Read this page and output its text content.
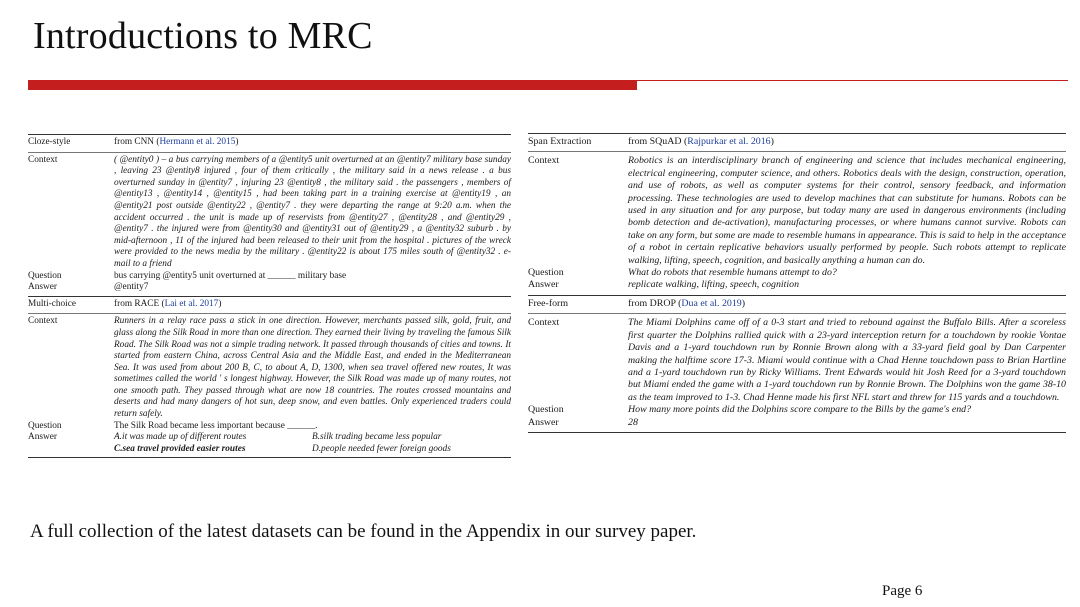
Introductions to MRC
Cloze-style	from CNN (Hermann et al. 2015)
Context	( @entity0 ) – a bus carrying members of a @entity5 unit overturned at an @entity7 military base sunday , leaving 23 @entity8 injured , four of them critically , the military said in a news release . a bus overturned sunday in @entity7 , injuring 23 @entity8 , the military said . the passengers , members of @entity13 , @entity14 , @entity15 , had been taking part in a training exercise at @entity19 , an @entity21 post outside @entity22 , @entity7 . they were departing the range at 9:20 a.m. when the accident occurred . the unit is made up of reservists from @entity27 , @entity28 , and @entity29 , @entity7 . the injured were from @entity30 and @entity31 out of @entity29 , a @entity32 suburb . by mid-afternoon , 11 of the injured had been released to their unit from the hospital . pictures of the wreck were provided to the news media by the military . @entity22 is about 175 miles south of @entity32 . e-mail to a friend
Question	bus carrying @entity5 unit overturned at ______ military base
Answer	@entity7
Multi-choice	from RACE (Lai et al. 2017)
Context	Runners in a relay race pass a stick in one direction. However, merchants passed silk, gold, fruit, and glass along the Silk Road in more than one direction. They earned their living by traveling the famous Silk Road. The Silk Road was not a simple trading network. It passed through thousands of cities and towns. It started from eastern China, across Central Asia and the Middle East, and ended in the Mediterranean Sea. It was used from about 200 B, C, to about A, D, 1300, when sea travel offered new routes, It was sometimes called the world ' s longest highway. However, the Silk Road was made up of many routes, not one smooth path. They passed through what are now 18 countries. The routes crossed mountains and deserts and had many dangers of hot sun, deep snow, and even battles. Only experienced traders could return safely.
Question	The Silk Road became less important because ______.
Answer	A.it was made up of different routes	B.silk trading became less popular
C.sea travel provided easier routes	D.people needed fewer foreign goods
Span Extraction	from SQuAD (Rajpurkar et al. 2016)
Context	Robotics is an interdisciplinary branch of engineering and science that includes mechanical engineering, electrical engineering, computer science, and others. Robotics deals with the design, construction, operation, and use of robots, as well as computer systems for their control, sensory feedback, and information processing. These technologies are used to develop machines that can substitute for humans. Robots can be used in any situation and for any purpose, but today many are used in dangerous environments (including bomb detection and de-activation), manufacturing processes, or where humans cannot survive. Robots can take on any form, but some are made to resemble humans in appearance. This is said to help in the acceptance of a robot in certain replicative behaviors usually performed by people. Such robots attempt to replicate walking, lifting, speech, cognition, and basically anything a human can do.
Question	What do robots that resemble humans attempt to do?
Answer	replicate walking, lifting, speech, cognition
Free-form	from DROP (Dua et al. 2019)
Context	The Miami Dolphins came off of a 0-3 start and tried to rebound against the Buffalo Bills. After a scoreless first quarter the Dolphins rallied quick with a 23-yard interception return for a touchdown by rookie Vontae Davis and a 1-yard touchdown run by Ronnie Brown along with a 33-yard field goal by Dan Carpenter making the halftime score 17-3. Miami would continue with a Chad Henne touchdown pass to Brian Hartline and a 1-yard touchdown run by Ricky Williams. Trent Edwards would hit Josh Reed for a 3-yard touchdown but Miami ended the game with a 1-yard touchdown run by Ronnie Brown. The Dolphins won the game 38-10 as the team improved to 1-3. Chad Henne made his first NFL start and threw for 115 yards and a touchdown.
Question	How many more points did the Dolphins score compare to the Bills by the game's end?
Answer	28
A full collection of the latest datasets can be found in the Appendix in our survey paper.
Page 6
